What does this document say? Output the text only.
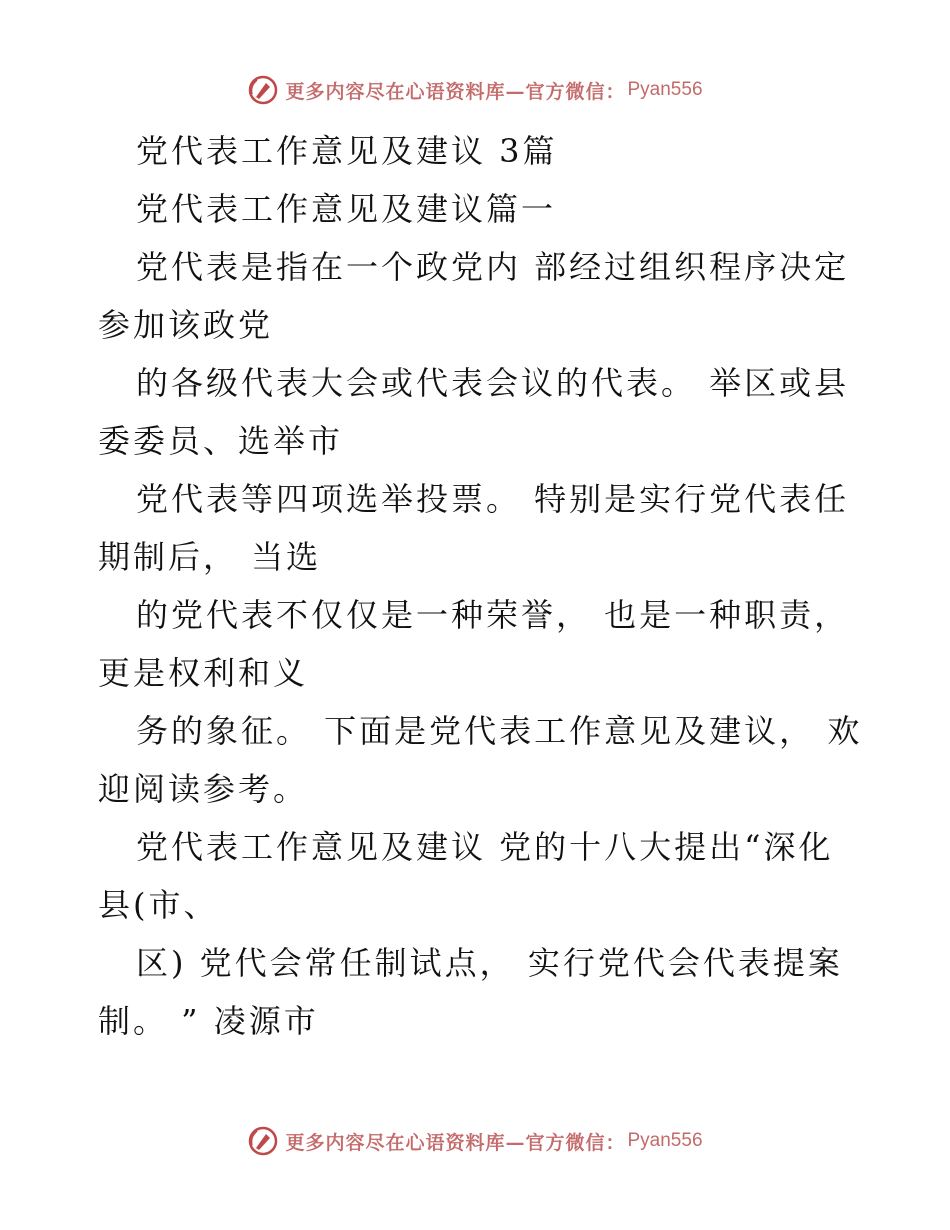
更多内容尽在心语资料库— 官方微信： Pyan556
党代表工作意见及建议 3篇
党代表工作意见及建议篇一
党代表是指在一个政党内 部经过组织程序决定
参加该政党
的各级代表大会或代表会议的代表。 举区或县
委委员、选举市
党代表等四项选举投票。 特别是实行党代表任
期制后， 当选
的党代表不仅仅是一种荣誉， 也是一种职责，
更是权利和义
务的象征。 下面是党代表工作意见及建议， 欢
迎阅读参考。
党代表工作意见及建议 党的十八大提出“深化
县(市、
区) 党代会常任制试点， 实行党代会代表提案
制。 ” 凌源市
更多内容尽在心语资料库— 官方微信： Pyan556
